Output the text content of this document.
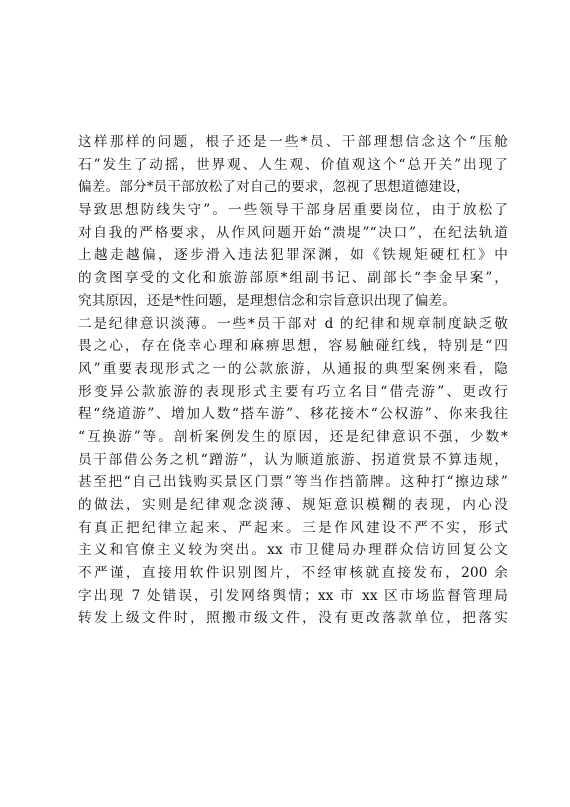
这样那样的问题，根子还是一些*员、干部理想信念这个“压舱
石”发生了动摇，世界观、人生观、价值观这个“总开关”出现了
偏差。部分*员干部放松了对自己的要求，忽视了思想道德建设，
导致思想防线失守”。一些领导干部身居重要岗位，由于放松了
对自我的严格要求，从作风问题开始“溃堤”“决口”，在纪法轨道
上越走越偏，逐步滑入违法犯罪深渊，如《铁规矩硬杠杠》中
的贪图享受的文化和旅游部原*组副书记、副部长“李金早案”，
究其原因，还是*性问题，是理想信念和宗旨意识出现了偏差。
二是纪律意识淡薄。一些*员干部对 d 的纪律和规章制度缺乏敬
畏之心，存在侥幸心理和麻痹思想，容易触碰红线，特别是“四
风”重要表现形式之一的公款旅游，从通报的典型案例来看，隐
形变异公款旅游的表现形式主要有巧立名目“借壳游”、更改行
程“绕道游”、增加人数“搭车游”、移花接木“公权游”、你来我往
“互换游”等。剖析案例发生的原因，还是纪律意识不强，少数*
员干部借公务之机“蹭游”，认为顺道旅游、拐道赏景不算违规，
甚至把“自己出钱购买景区门票”等当作挡箭牌。这种打“擦边球”
的做法，实则是纪律观念淡薄、规矩意识模糊的表现，内心没
有真正把纪律立起来、严起来。三是作风建设不严不实，形式
主义和官僚主义较为突出。xx 市卫健局办理群众信访回复公文
不严谨，直接用软件识别图片，不经审核就直接发布，200 余
字出现 7 处错误，引发网络舆情；xx 市 xx 区市场监督管理局
转发上级文件时，照搬市级文件，没有更改落款单位，把落实
